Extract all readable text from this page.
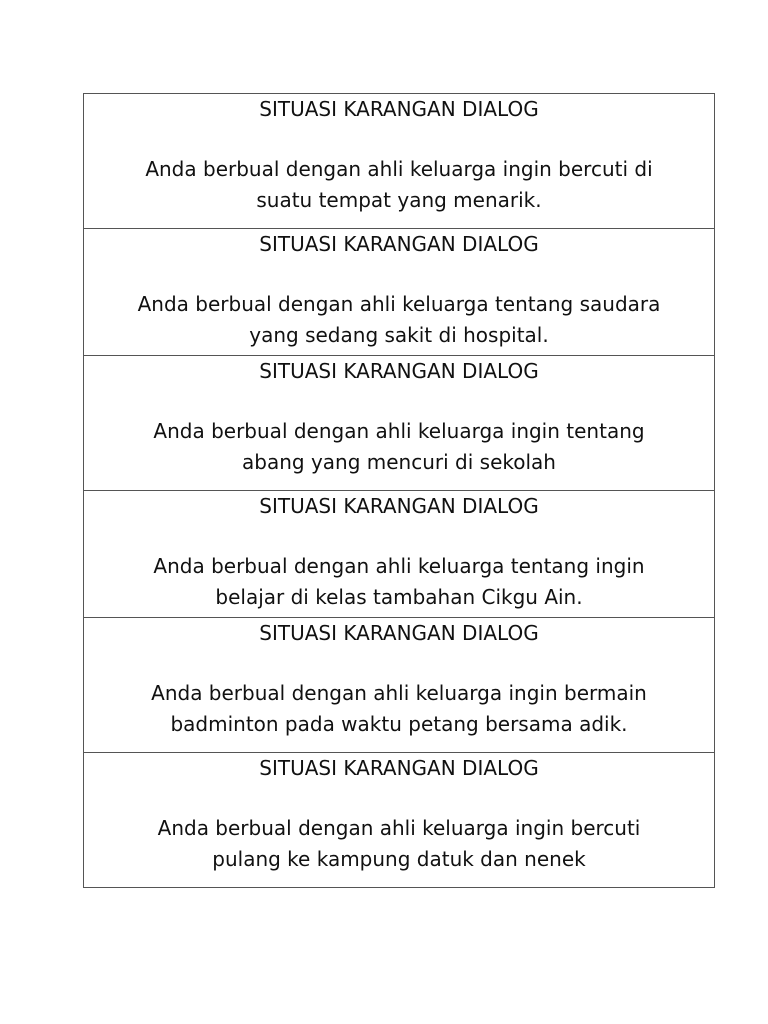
SITUASI KARANGAN DIALOG
Anda berbual dengan ahli keluarga ingin bercuti di
suatu tempat yang menarik.
SITUASI KARANGAN DIALOG
Anda berbual dengan ahli keluarga tentang saudara
yang sedang sakit di hospital.
SITUASI KARANGAN DIALOG
Anda berbual dengan ahli keluarga ingin tentang
abang yang mencuri di sekolah
SITUASI KARANGAN DIALOG
Anda berbual dengan ahli keluarga tentang ingin
belajar di kelas tambahan Cikgu Ain.
SITUASI KARANGAN DIALOG
Anda berbual dengan ahli keluarga ingin bermain
badminton pada waktu petang bersama adik.
SITUASI KARANGAN DIALOG
Anda berbual dengan ahli keluarga ingin bercuti
pulang ke kampung datuk dan nenek
